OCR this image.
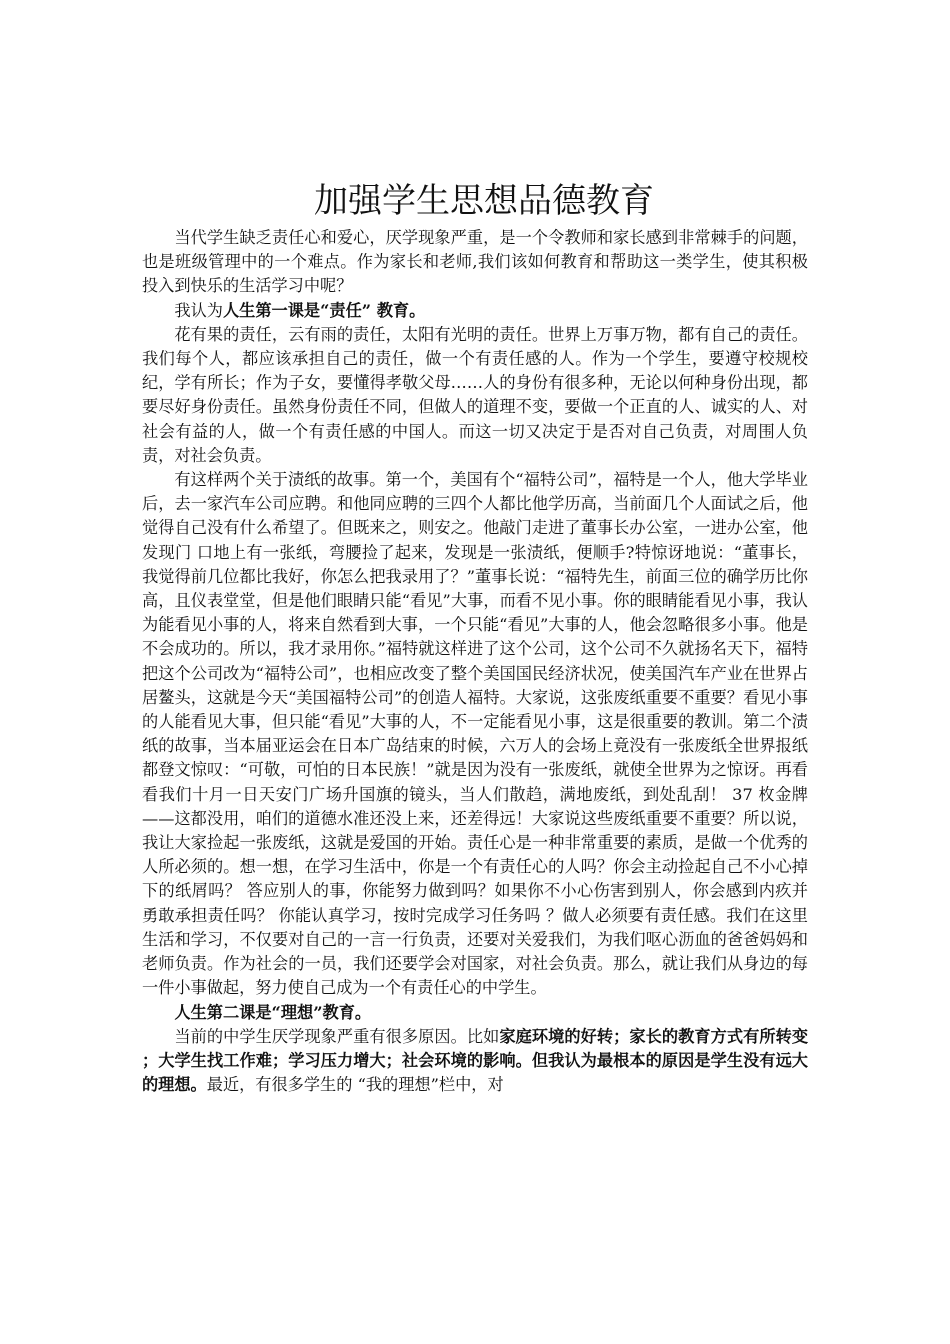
加强学生思想品德教育

当代学生缺乏责任心和爱心，厌学现象严重，是一个令教师和家长感到非常棘手的问题，也是班级管理中的一个难点。作为家长和老师,我们该如何教育和帮助这一类学生，使其积极投入到快乐的生活学习中呢？

我认为人生第一课是“责任” 教育。

花有果的责任，云有雨的责任，太阳有光明的责任。世界上万事万物，都有自己的责任。我们每个人，都应该承担自己的责任，做一个有责任感的人。作为一个学生，要遵守校规校纪，学有所长；作为子女，要懂得孝敬父母……人的身份有很多种，无论以何种身份出现，都要尽好身份责任。虽然身份责任不同，但做人的道理不变，要做一个正直的人、诚实的人、对社会有益的人，做一个有责任感的中国人。而这一切又决定于是否对自己负责，对周围人负责，对社会负责。

有这样两个关于渍纸的故事。第一个，美国有个“福特公司”，福特是一个人，他大学毕业后，去一家汽车公司应聘。和他同应聘的三四个人都比他学历高，当前面几个人面试之后，他觉得自己没有什么希望了。但既来之，则安之。他敲门走进了董事长办公室，一进办公室，他发现门 口地上有一张纸，弯腰捡了起来，发现是一张渍纸，便顺手?特惊讶地说：“董事长，我觉得前几位都比我好，你怎么把我录用了？”董事长说：“福特先生，前面三位的确学历比你高，且仪表堂堂，但是他们眼睛只能“看见”大事，而看不见小事。你的眼睛能看见小事，我认为能看见小事的人，将来自然看到大事，一个只能“看见”大事的人，他会忽略很多小事。他是不会成功的。所以，我才录用你。”福特就这样进了这个公司，这个公司不久就扬名天下，福特把这个公司改为“福特公司”，也相应改变了整个美国国民经济状况，使美国汽车产业在世界占居鳌头，这就是今天“美国福特公司”的创造人福特。大家说，这张废纸重要不重要？看见小事的人能看见大事，但只能“看见”大事的人，不一定能看见小事，这是很重要的教训。第二个渍纸的故事，当本届亚运会在日本广岛结束的时候，六万人的会场上竟没有一张废纸全世界报纸都登文惊叹：“可敬，可怕的日本民族！”就是因为没有一张废纸，就使全世界为之惊讶。再看看我们十月一日天安门广场升国旗的镜头，当人们散趋，满地废纸，到处乱刮！ 37 枚金牌——这都没用，咱们的道德水准还没上来，还差得远！大家说这些废纸重要不重要？所以说，我让大家捡起一张废纸，这就是爱国的开始。责任心是一种非常重要的素质，是做一个优秀的人所必须的。想一想，在学习生活中，你是一个有责任心的人吗？你会主动捡起自己不小心掉下的纸屑吗？ 答应别人的事，你能努力做到吗？如果你不小心伤害到别人，你会感到内疚并勇敢承担责任吗？ 你能认真学习，按时完成学习任务吗 ？做人必须要有责任感。我们在这里生活和学习，不仅要对自己的一言一行负责，还要对关爱我们，为我们呕心沥血的爸爸妈妈和老师负责。作为社会的一员，我们还要学会对国家，对社会负责。那么，就让我们从身边的每一件小事做起，努力使自己成为一个有责任心的中学生。

人生第二课是“理想”教育。

当前的中学生厌学现象严重有很多原因。比如家庭环境的好转；家长的教育方式有所转变 ；大学生找工作难；学习压力增大；社会环境的影响。但我认为最根本的原因是学生没有远大的理想。最近，有很多学生的 “我的理想”栏中，对
